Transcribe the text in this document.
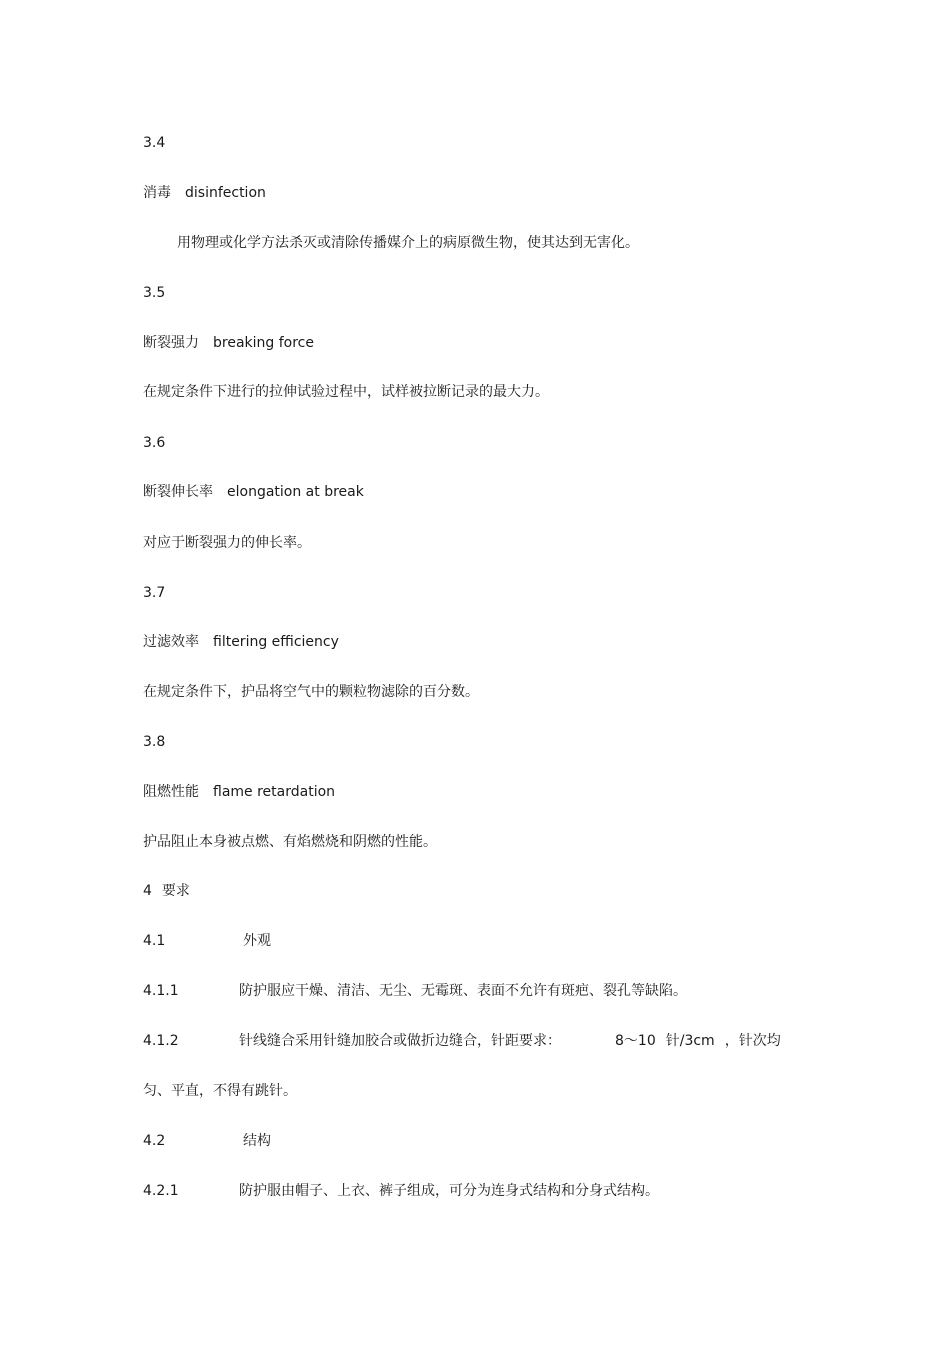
3.4
消毒 disinfection
用物理或化学方法杀灭或清除传播媒介上的病原微生物，使其达到无害化。
3.5
断裂强力 breaking force
在规定条件下进行的拉伸试验过程中，试样被拉断记录的最大力。
3.6
断裂伸长率 elongation at break
对应于断裂强力的伸长率。
3.7
过滤效率 filtering efficiency
在规定条件下，护品将空气中的颗粒物滤除的百分数。
3.8
阻燃性能 flame retardation
护品阻止本身被点燃、有焰燃烧和阴燃的性能。
4 要求
4.1	外观
4.1.1	防护服应干燥、清洁、无尘、无霉斑、表面不允许有斑疤、裂孔等缺陷。
4.1.2	针线缝合采用针缝加胶合或做折边缝合，针距要求：	8～10 针/3cm ，针次均
匀、平直，不得有跳针。
4.2	结构
4.2.1	防护服由帽子、上衣、裤子组成，可分为连身式结构和分身式结构。
